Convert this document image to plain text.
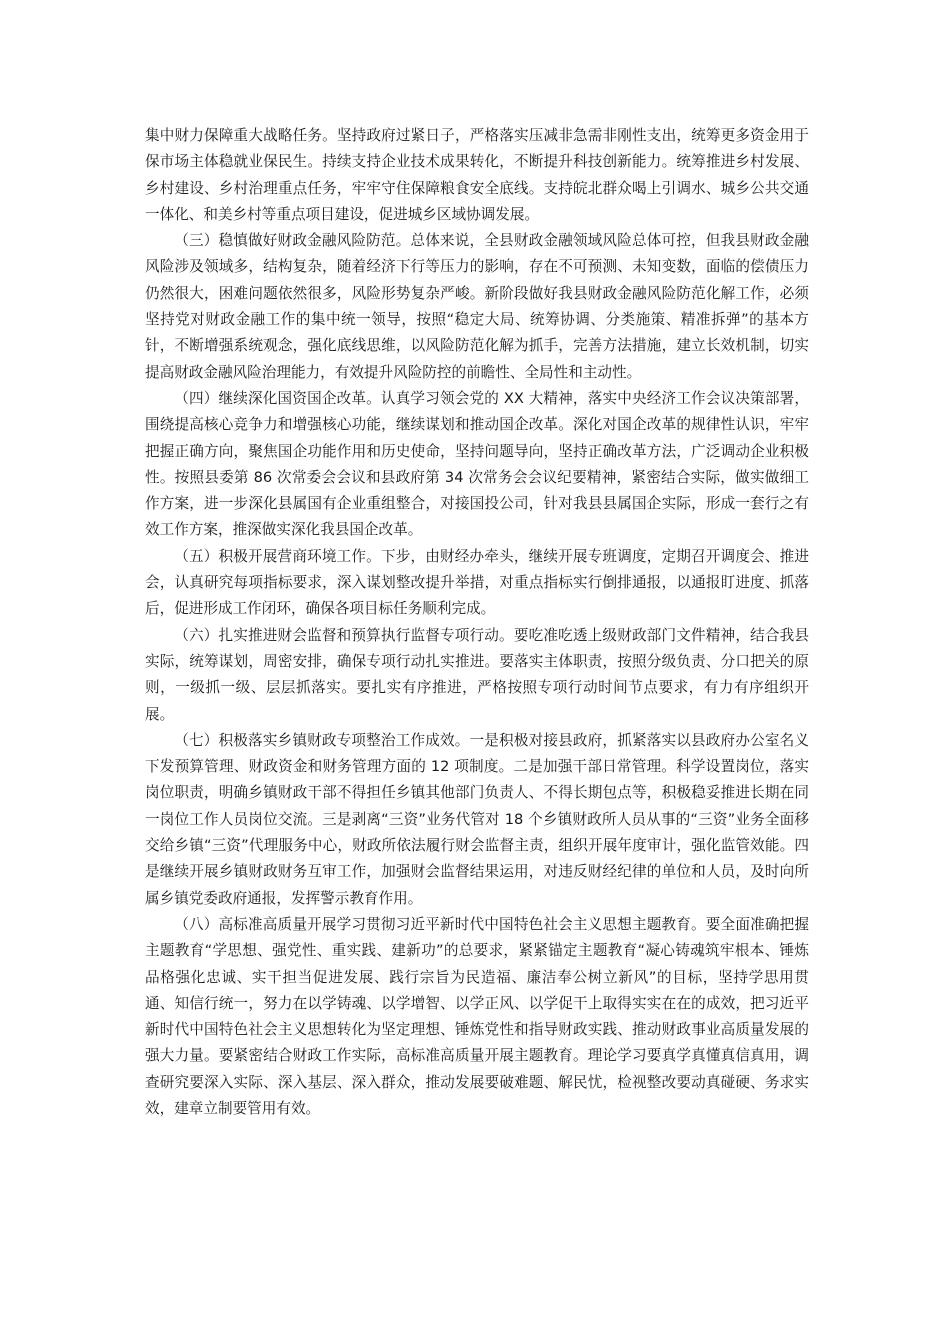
集中财力保障重大战略任务。坚持政府过紧日子，严格落实压减非急需非刚性支出，统筹更多资金用于保市场主体稳就业保民生。持续支持企业技术成果转化，不断提升科技创新能力。统筹推进乡村发展、乡村建设、乡村治理重点任务，牢牢守住保障粮食安全底线。支持皖北群众喝上引调水、城乡公共交通一体化、和美乡村等重点项目建设，促进城乡区域协调发展。

（三）稳慎做好财政金融风险防范。总体来说，全县财政金融领域风险总体可控，但我县财政金融风险涉及领域多，结构复杂，随着经济下行等压力的影响，存在不可预测、未知变数，面临的偿债压力仍然很大，困难问题依然很多，风险形势复杂严峻。新阶段做好我县财政金融风险防范化解工作，必须坚持党对财政金融工作的集中统一领导，按照“稳定大局、统筹协调、分类施策、精准拆弹”的基本方针，不断增强系统观念，强化底线思维，以风险防范化解为抓手，完善方法措施，建立长效机制，切实提高财政金融风险治理能力，有效提升风险防控的前瞻性、全局性和主动性。

（四）继续深化国资国企改革。认真学习领会党的 XX 大精神，落实中央经济工作会议决策部署，围绕提高核心竞争力和增强核心功能，继续谋划和推动国企改革。深化对国企改革的规律性认识，牢牢把握正确方向，聚焦国企功能作用和历史使命，坚持问题导向，坚持正确改革方法，广泛调动企业积极性。按照县委第 86 次常委会会议和县政府第 34 次常务会会议纪要精神，紧密结合实际，做实做细工作方案，进一步深化县属国有企业重组整合，对接国投公司，针对我县县属国企实际，形成一套行之有效工作方案，推深做实深化我县国企改革。

（五）积极开展营商环境工作。下步，由财经办牵头，继续开展专班调度，定期召开调度会、推进会，认真研究每项指标要求，深入谋划整改提升举措，对重点指标实行倒排通报，以通报盯进度、抓落后，促进形成工作闭环，确保各项目标任务顺利完成。

（六）扎实推进财会监督和预算执行监督专项行动。要吃准吃透上级财政部门文件精神，结合我县实际，统筹谋划，周密安排，确保专项行动扎实推进。要落实主体职责，按照分级负责、分口把关的原则，一级抓一级、层层抓落实。要扎实有序推进，严格按照专项行动时间节点要求，有力有序组织开展。

（七）积极落实乡镇财政专项整治工作成效。一是积极对接县政府，抓紧落实以县政府办公室名义下发预算管理、财政资金和财务管理方面的 12 项制度。二是加强干部日常管理。科学设置岗位，落实岗位职责，明确乡镇财政干部不得担任乡镇其他部门负责人、不得长期包点等，积极稳妥推进长期在同一岗位工作人员岗位交流。三是剥离“三资”业务代管对 18 个乡镇财政所人员从事的“三资”业务全面移交给乡镇“三资”代理服务中心，财政所依法履行财会监督主责，组织开展年度审计，强化监管效能。四是继续开展乡镇财政财务互审工作，加强财会监督结果运用，对违反财经纪律的单位和人员，及时向所属乡镇党委政府通报，发挥警示教育作用。

（八）高标准高质量开展学习贯彻习近平新时代中国特色社会主义思想主题教育。要全面准确把握主题教育“学思想、强党性、重实践、建新功”的总要求，紧紧锚定主题教育“凝心铸魂筑牢根本、锤炼品格强化忠诚、实干担当促进发展、践行宗旨为民造福、廉洁奉公树立新风”的目标，坚持学思用贯通、知信行统一，努力在以学铸魂、以学增智、以学正风、以学促干上取得实实在在的成效，把习近平新时代中国特色社会主义思想转化为坚定理想、锤炼党性和指导财政实践、推动财政事业高质量发展的强大力量。要紧密结合财政工作实际，高标准高质量开展主题教育。理论学习要真学真懂真信真用，调查研究要深入实际、深入基层、深入群众，推动发展要破难题、解民忧，检视整改要动真碰硬、务求实效，建章立制要管用有效。
